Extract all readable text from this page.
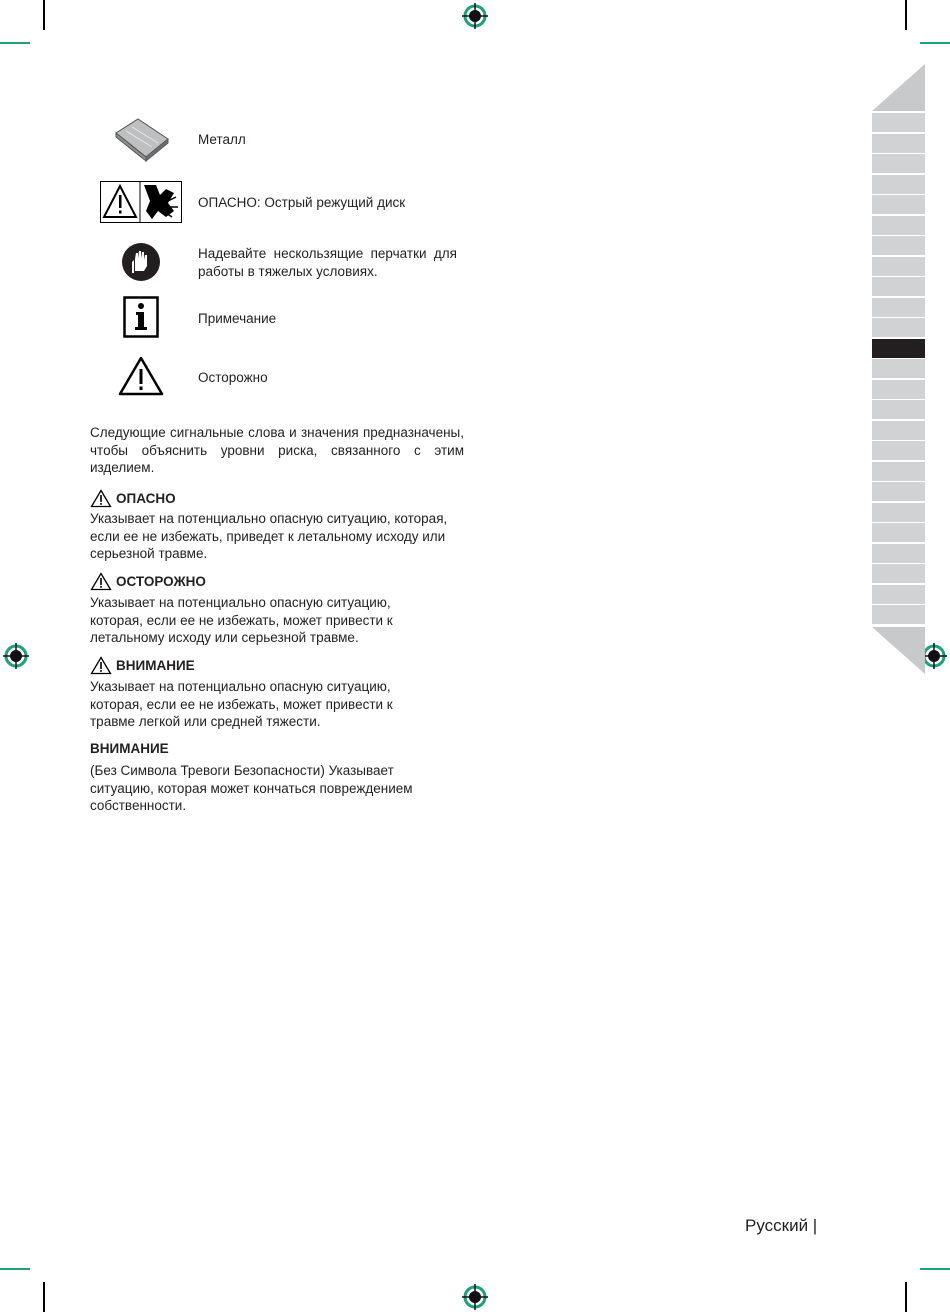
Металл
ОПАСНО: Острый режущий диск
Надевайте нескользящие перчатки для работы в тяжелых условиях.
Примечание
Осторожно
Следующие сигнальные слова и значения предназначены, чтобы объяснить уровни риска, связанного с этим изделием.
ОПАСНО
Указывает на потенциально опасную ситуацию, которая, если ее не избежать, приведет к летальному исходу или серьезной травме.
ОСТОРОЖНО
Указывает на потенциально опасную ситуацию, которая, если ее не избежать, может привести к летальному исходу или серьезной травме.
ВНИМАНИЕ
Указывает на потенциально опасную ситуацию, которая, если ее не избежать, может привести к травме легкой или средней тяжести.
ВНИМАНИЕ
(Без Символа Тревоги Безопасности) Указывает ситуацию, которая может кончаться повреждением собственности.
Русский |
